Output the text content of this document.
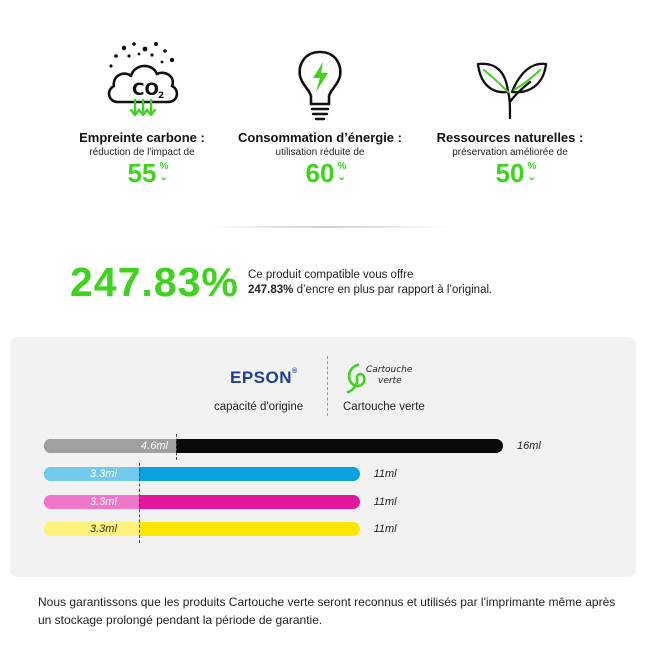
CO 2
Empreinte carbone :
réduction de l'impact de
55 %
⌄
Consommation d’énergie :
utilisation réduite de
60 %
⌄
Ressources naturelles :
préservation améliorée de
50 %
⌄
247.83% Ce produit compatible vous offre
247.83% d’encre en plus par rapport à l’original.
EPSON®
capacité d'origine
Cartouche
verte
Cartouche verte
4.6ml	16ml
3.3ml	11ml
3.3ml	11ml
3.3ml	11ml
Nous garantissons que les produits Cartouche verte seront reconnus et utilisés par l'imprimante même après un stockage prolongé pendant la période de garantie.
